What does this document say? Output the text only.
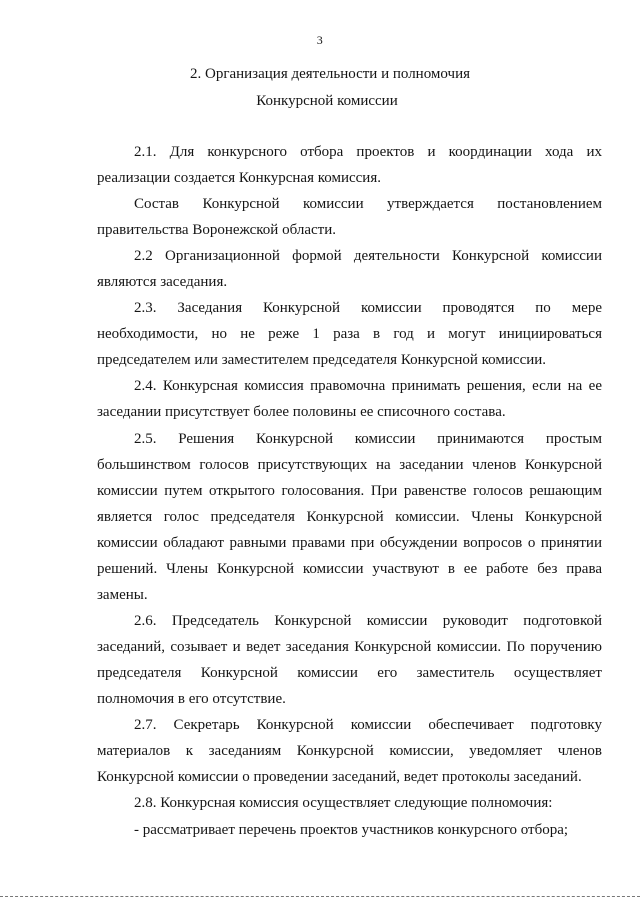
3
2. Организация деятельности и полномочия
Конкурсной комиссии
2.1. Для конкурсного отбора проектов и координации хода их
реализации создается Конкурсная комиссия.
Состав Конкурсной комиссии утверждается постановлением
правительства Воронежской области.
2.2 Организационной формой деятельности Конкурсной комиссии
являются заседания.
2.3. Заседания Конкурсной комиссии проводятся по мере
необходимости, но не реже 1 раза в год и могут инициироваться
председателем или заместителем председателя Конкурсной комиссии.
2.4. Конкурсная комиссия правомочна принимать решения, если на ее
заседании присутствует более половины ее списочного состава.
2.5. Решения Конкурсной комиссии принимаются простым
большинством голосов присутствующих на заседании членов Конкурсной
комиссии путем открытого голосования. При равенстве голосов решающим
является голос председателя Конкурсной комиссии. Члены Конкурсной
комиссии обладают равными правами при обсуждении вопросов о принятии
решений. Члены Конкурсной комиссии участвуют в ее работе без права
замены.
2.6. Председатель Конкурсной комиссии руководит подготовкой
заседаний, созывает и ведет заседания Конкурсной комиссии. По поручению
председателя Конкурсной комиссии его заместитель осуществляет
полномочия в его отсутствие.
2.7. Секретарь Конкурсной комиссии обеспечивает подготовку
материалов к заседаниям Конкурсной комиссии, уведомляет членов
Конкурсной комиссии о проведении заседаний, ведет протоколы заседаний.
2.8. Конкурсная комиссия осуществляет следующие полномочия:
- рассматривает перечень проектов участников конкурсного отбора;
